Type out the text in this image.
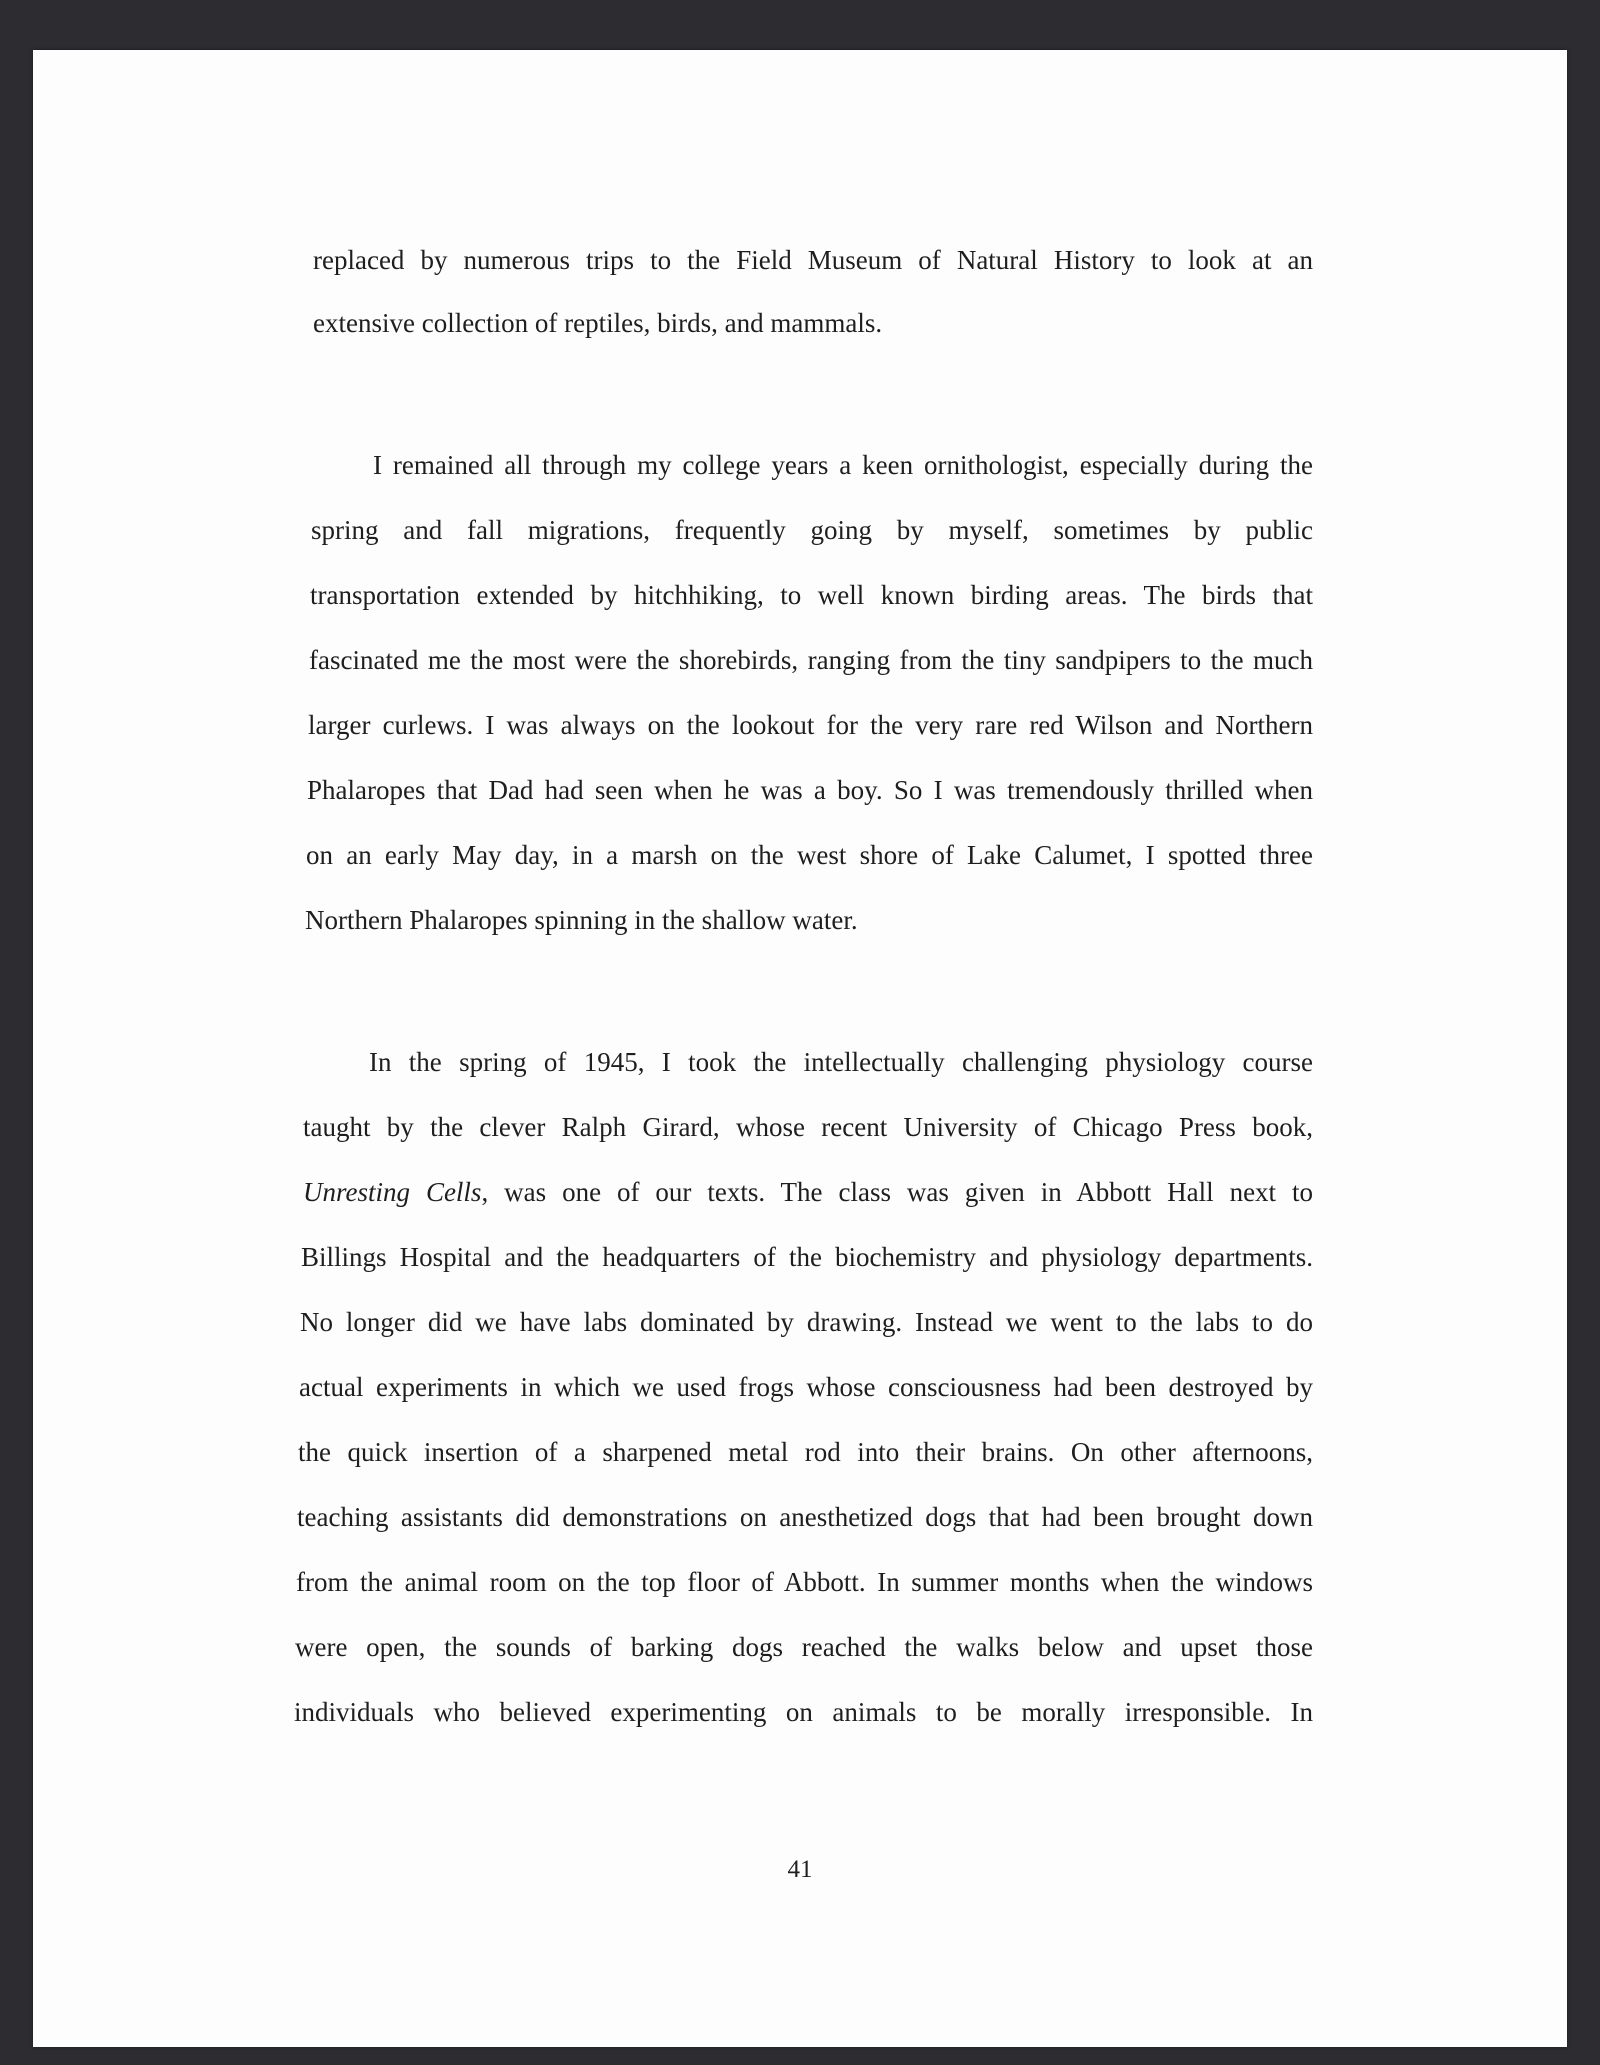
replaced by numerous trips to the Field Museum of Natural History to look at an
extensive collection of reptiles, birds, and mammals.
I remained all through my college years a keen ornithologist, especially during the
spring and fall migrations, frequently going by myself, sometimes by public
transportation extended by hitchhiking, to well known birding areas. The birds that
fascinated me the most were the shorebirds, ranging from the tiny sandpipers to the much
larger curlews. I was always on the lookout for the very rare red Wilson and Northern
Phalaropes that Dad had seen when he was a boy. So I was tremendously thrilled when
on an early May day, in a marsh on the west shore of Lake Calumet, I spotted three
Northern Phalaropes spinning in the shallow water.
In the spring of 1945, I took the intellectually challenging physiology course
taught by the clever Ralph Girard, whose recent University of Chicago Press book,
Unresting Cells, was one of our texts. The class was given in Abbott Hall next to
Billings Hospital and the headquarters of the biochemistry and physiology departments.
No longer did we have labs dominated by drawing. Instead we went to the labs to do
actual experiments in which we used frogs whose consciousness had been destroyed by
the quick insertion of a sharpened metal rod into their brains. On other afternoons,
teaching assistants did demonstrations on anesthetized dogs that had been brought down
from the animal room on the top floor of Abbott. In summer months when the windows
were open, the sounds of barking dogs reached the walks below and upset those
individuals who believed experimenting on animals to be morally irresponsible. In
41
